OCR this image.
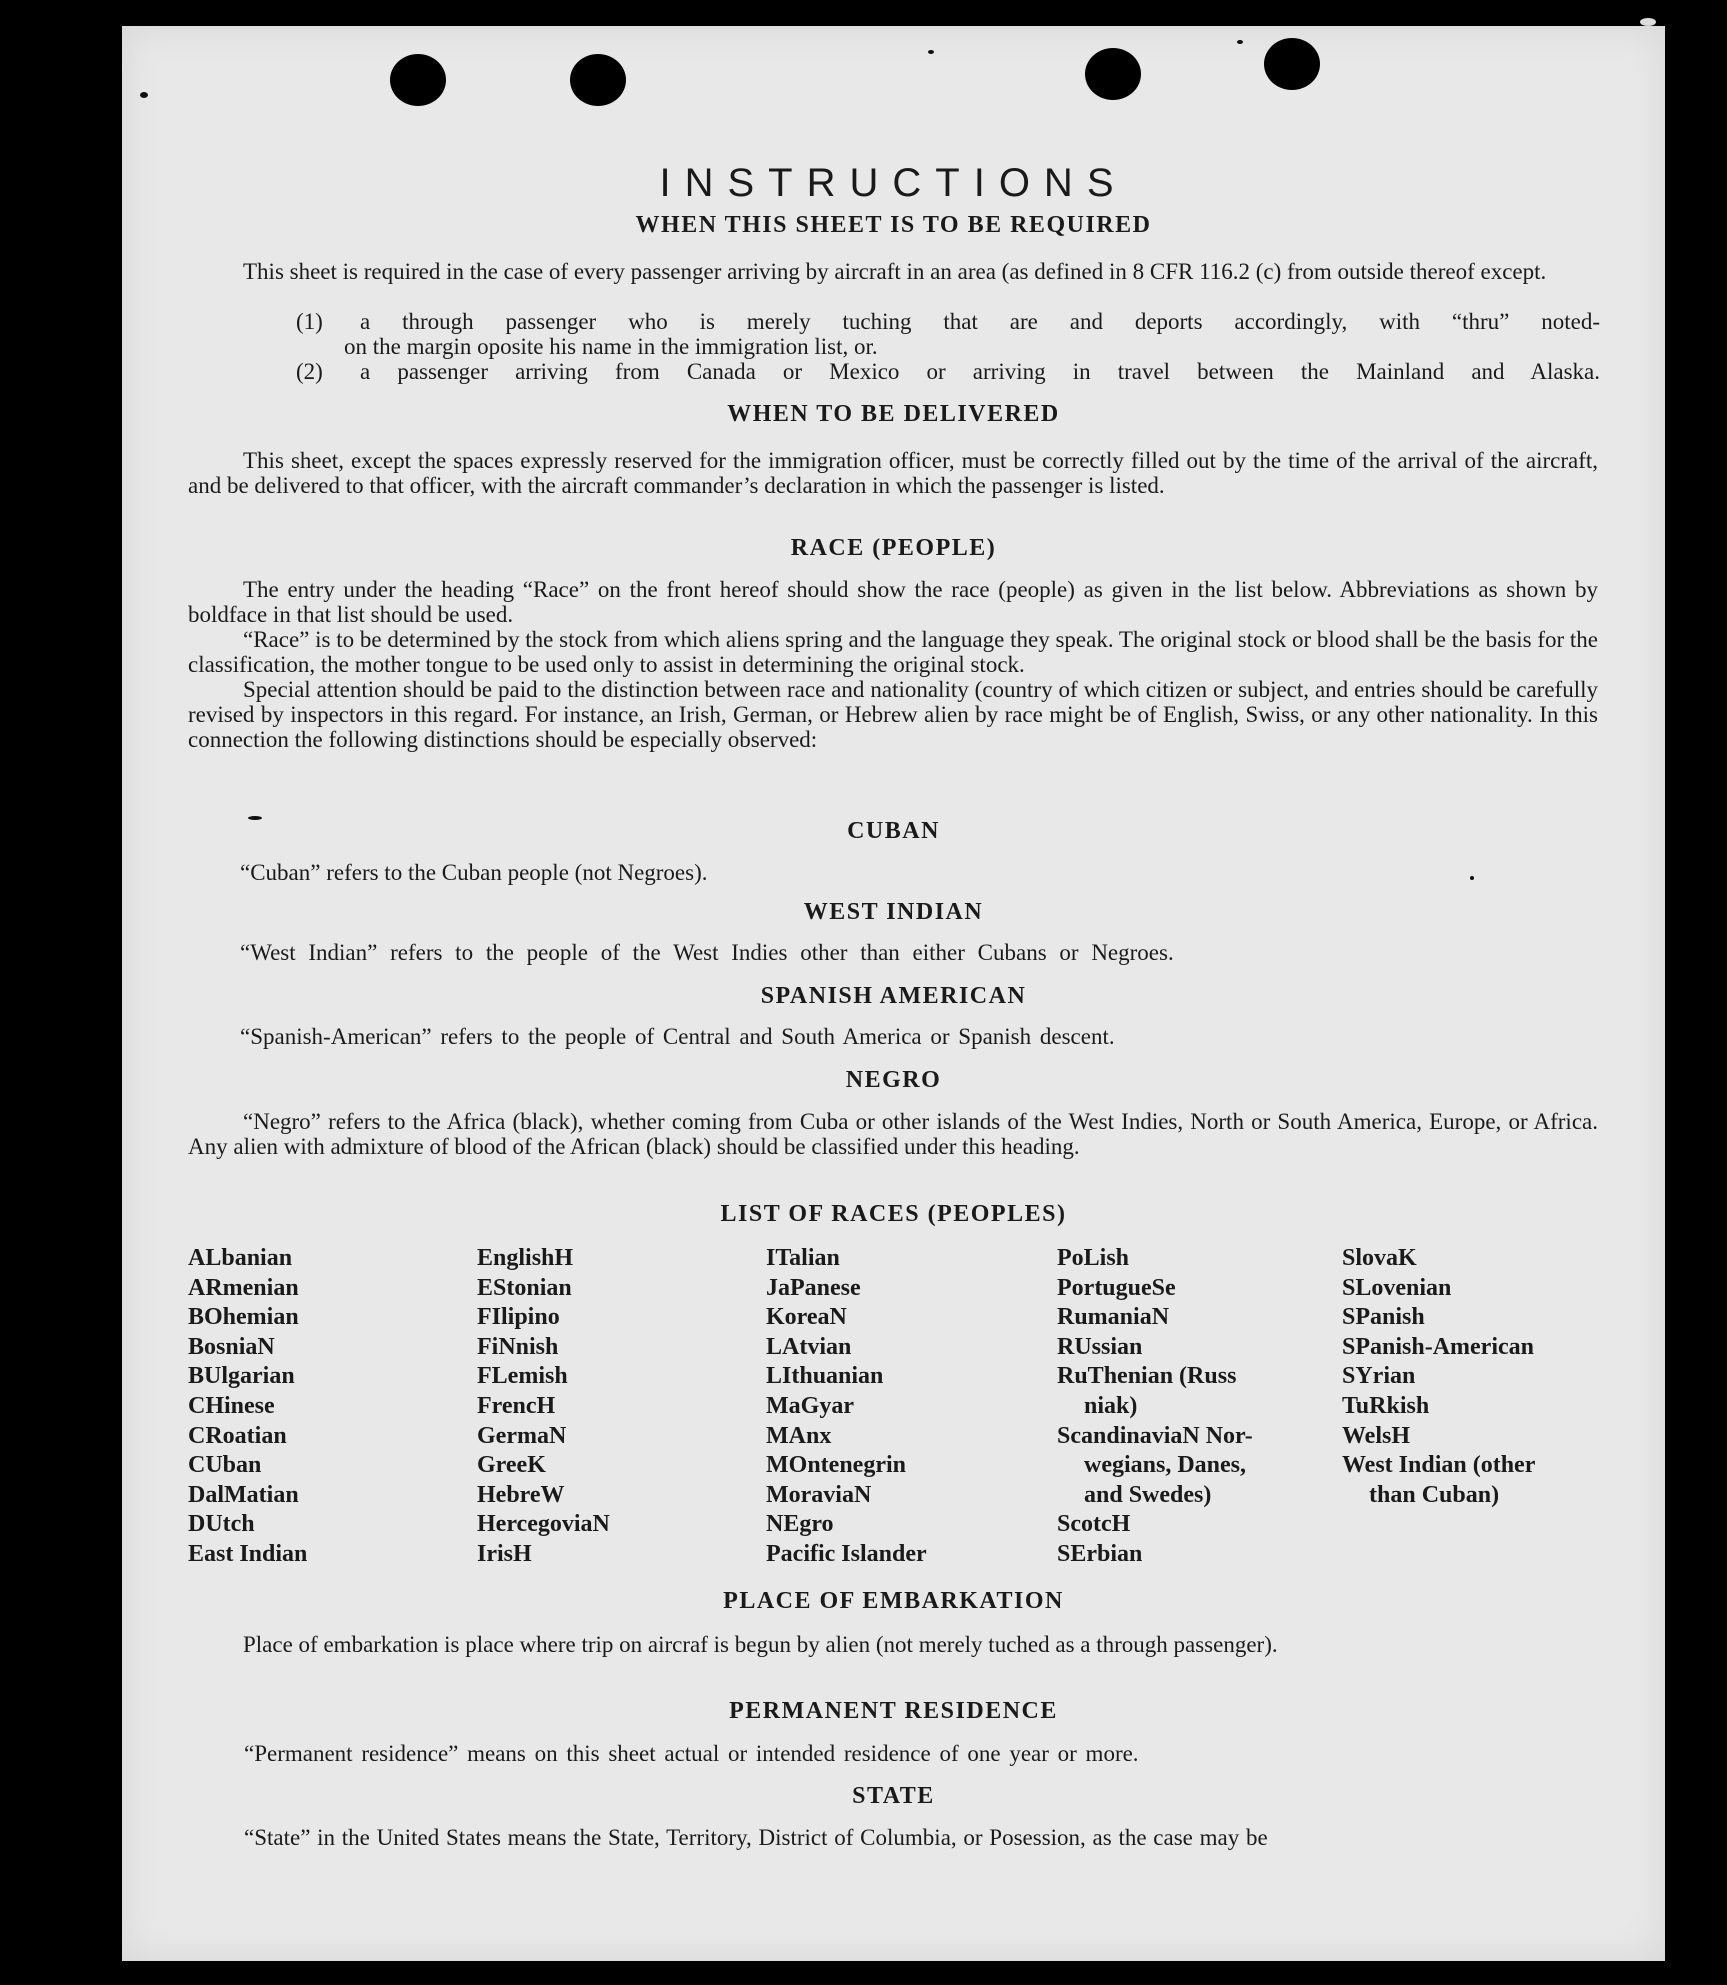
INSTRUCTIONS
WHEN THIS SHEET IS TO BE REQUIRED

This sheet is required in the case of every passenger arriving by aircraft in an area (as defined in 8 CFR 116.2 (c) from outside thereof except.

(1) a through passenger who is merely tuching that are and deports accordingly, with “thru” noted-
on the margin oposite his name in the immigration list, or.
(2) a passenger arriving from Canada or Mexico or arriving in travel between the Mainland and Alaska.
WHEN TO BE DELIVERED

This sheet, except the spaces expressly reserved for the immigration officer, must be correctly filled out by the time of the arrival of the aircraft, and be delivered to that officer, with the aircraft commander’s declaration in which the passenger is listed.

RACE (PEOPLE)

The entry under the heading “Race” on the front hereof should show the race (people) as given in the list below. Abbreviations as shown by boldface in that list should be used.

“Race” is to be determined by the stock from which aliens spring and the language they speak. The original stock or blood shall be the basis for the classification, the mother tongue to be used only to assist in determining the original stock.

Special attention should be paid to the distinction between race and nationality (country of which citizen or subject, and entries should be carefully revised by inspectors in this regard. For instance, an Irish, German, or Hebrew alien by race might be of English, Swiss, or any other nationality. In this connection the following distinctions should be especially observed:

CUBAN
“Cuban” refers to the Cuban people (not Negroes).
WEST INDIAN
“West Indian” refers to the people of the West Indies other than either Cubans or Negroes.
SPANISH AMERICAN
“Spanish-American” refers to the people of Central and South America or Spanish descent.
NEGRO

“Negro” refers to the Africa (black), whether coming from Cuba or other islands of the West Indies, North or South America, Europe, or Africa. Any alien with admixture of blood of the African (black) should be classified under this heading.

LIST OF RACES (PEOPLES)
ALbanian
ARmenian
BOhemian
BosniaN
BUlgarian
CHinese
CRoatian
CUban
DalMatian
DUtch
East Indian
EnglishH
EStonian
FIlipino
FiNnish
FLemish
FrencH
GermaN
GreeK
HebreW
HercegoviaN
IrisH
ITalian
JaPanese
KoreaN
LAtvian
LIthuanian
MaGyar
MAnx
MOntenegrin
MoraviaN
NEgro
Pacific Islander
PoLish
PortugueSe
RumaniaN
RUssian
RuThenian (Russ
niak)
ScandinaviaN Nor-
wegians, Danes,
and Swedes)
ScotcH
SErbian
SlovaK
SLovenian
SPanish
SPanish-American
SYrian
TuRkish
WelsH
West Indian (other
than Cuban)
PLACE OF EMBARKATION

Place of embarkation is place where trip on aircraf is begun by alien (not merely tuched as a through passenger).

PERMANENT RESIDENCE
“Permanent residence” means on this sheet actual or intended residence of one year or more.
STATE
“State” in the United States means the State, Territory, District of Columbia, or Posession, as the case may be
